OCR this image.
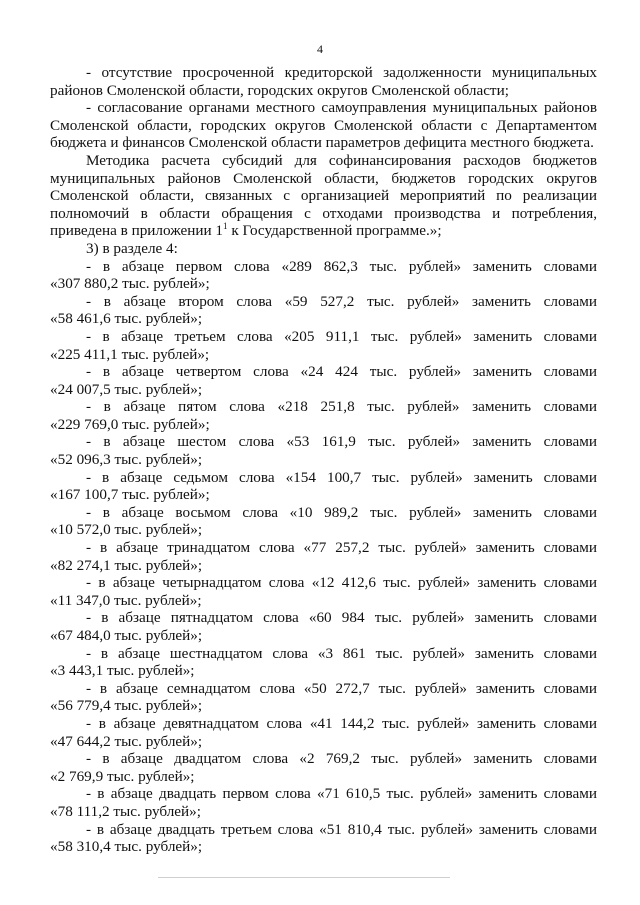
4

- отсутствие просроченной кредиторской задолженности муниципальных

районов Смоленской области, городских округов Смоленской области;

- согласование органами местного самоуправления муниципальных районов Смоленской области, городских округов Смоленской области с Департаментом бюджета и финансов Смоленской области параметров дефицита местного бюджета.

Методика расчета субсидий для софинансирования расходов бюджетов муниципальных районов Смоленской области, бюджетов городских округов Смоленской области, связанных с организацией мероприятий по реализации полномочий в области обращения с отходами производства и потребления, приведена в приложении $1^1$ к Государственной программе.»;

3) в разделе 4:

- в абзаце первом слова «289 862,3 тыс. рублей» заменить словами
«307 880,2 тыс. рублей»;
- в абзаце втором слова «59 527,2 тыс. рублей» заменить словами
«58 461,6 тыс. рублей»;
- в абзаце третьем слова «205 911,1 тыс. рублей» заменить словами
«225 411,1 тыс. рублей»;
- в абзаце четвертом слова «24 424 тыс. рублей» заменить словами
«24 007,5 тыс. рублей»;
- в абзаце пятом слова «218 251,8 тыс. рублей» заменить словами
«229 769,0 тыс. рублей»;
- в абзаце шестом слова «53 161,9 тыс. рублей» заменить словами
«52 096,3 тыс. рублей»;
- в абзаце седьмом слова «154 100,7 тыс. рублей» заменить словами
«167 100,7 тыс. рублей»;
- в абзаце восьмом слова «10 989,2 тыс. рублей» заменить словами
«10 572,0 тыс. рублей»;
- в абзаце тринадцатом слова «77 257,2 тыс. рублей» заменить словами
«82 274,1 тыс. рублей»;
- в абзаце четырнадцатом слова «12 412,6 тыс. рублей» заменить словами
«11 347,0 тыс. рублей»;
- в абзаце пятнадцатом слова «60 984 тыс. рублей» заменить словами
«67 484,0 тыс. рублей»;
- в абзаце шестнадцатом слова «3 861 тыс. рублей» заменить словами
«3 443,1 тыс. рублей»;
- в абзаце семнадцатом слова «50 272,7 тыс. рублей» заменить словами
«56 779,4 тыс. рублей»;
- в абзаце девятнадцатом слова «41 144,2 тыс. рублей» заменить словами
«47 644,2 тыс. рублей»;
- в абзаце двадцатом слова «2 769,2 тыс. рублей» заменить словами
«2 769,9 тыс. рублей»;
- в абзаце двадцать первом слова «71 610,5 тыс. рублей» заменить словами
«78 111,2 тыс. рублей»;
- в абзаце двадцать третьем слова «51 810,4 тыс. рублей» заменить словами
«58 310,4 тыс. рублей»;
